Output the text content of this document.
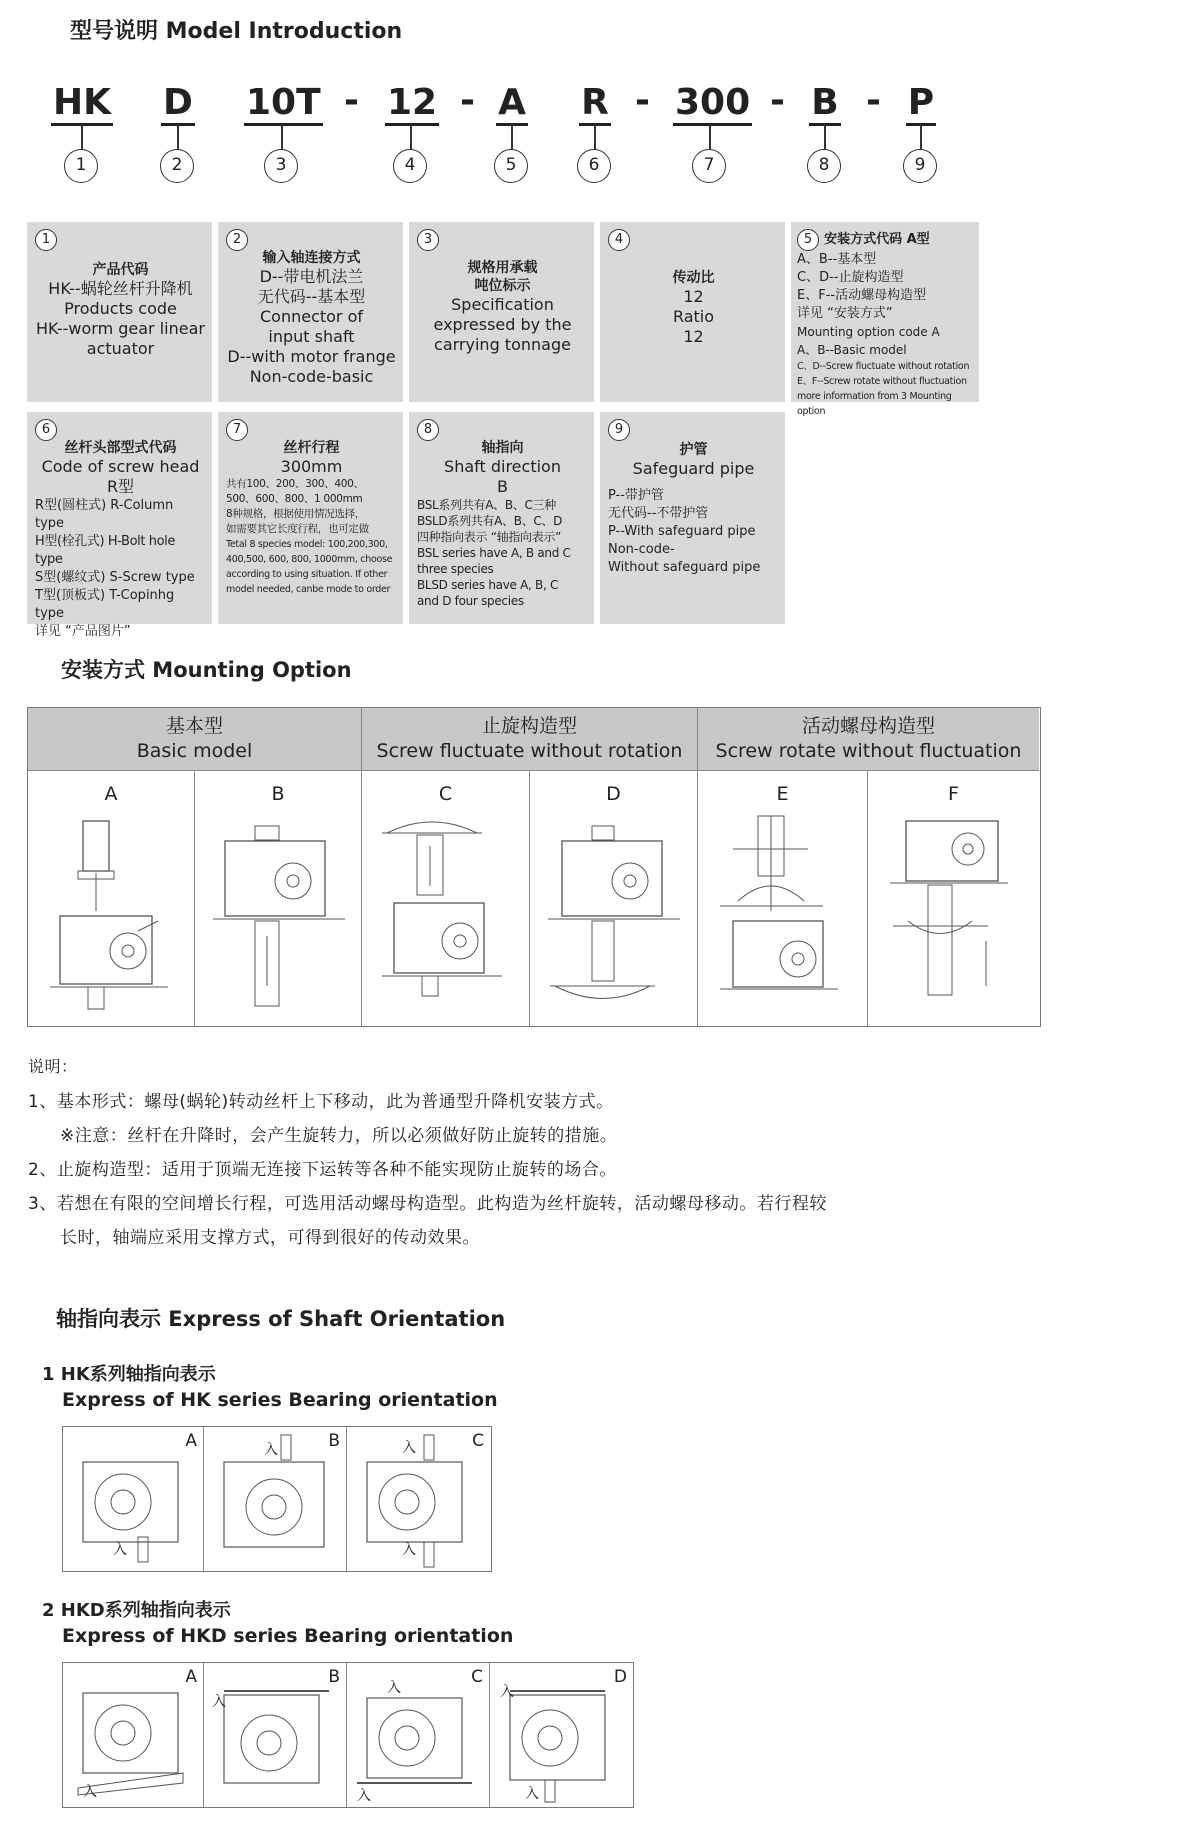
型号说明 Model Introduction
HK D 10T - 12 - A R - 300 - B - P
1	2	3	4	5	6	7	8	9
1
产品代码
HK--蜗轮丝杆升降机
Products code
HK--worm gear linear
actuator
2
输入轴连接方式
D--带电机法兰
无代码--基本型
Connector of
input shaft
D--with motor frange
Non-code-basic
3
规格用承载
吨位标示
Specification
expressed by the
carrying tonnage
4
传动比
12
Ratio
12
5 安装方式代码 A型
A、B--基本型
C、D--止旋构造型
E、F--活动螺母构造型
详见 “安装方式”
Mounting option code A
A、B--Basic model
C、D--Screw fluctuate without rotation
E、F--Screw rotate without fluctuation
more information from 3 Mounting option
6
丝杆头部型式代码
Code of screw head
R型
R型(圆柱式) R-Column type
H型(栓孔式) H-Bolt hole type
S型(螺纹式) S-Screw type
T型(顶板式) T-Copinhg type
详见 “产品图片”
7
丝杆行程
300mm
共有100、200、300、400、
500、600、800、1 000mm
8种规格，根据使用情况选择，
如需要其它长度行程，也可定做
Tetal 8 species model: 100,200,300,
400,500, 600, 800, 1000mm, choose
according to using situation. If other
model needed, canbe mode to order
8
轴指向
Shaft direction
B
BSL系列共有A、B、C三种
BSLD系列共有A、B、C、D
四种指向表示 “轴指向表示”
BSL series have A, B and C
three species
BLSD series have A, B, C
and D four species
9
护管
Safeguard pipe
P--带护管
无代码--不带护管
P--With safeguard pipe
Non-code-
Without safeguard pipe
安装方式 Mounting Option
基本型
Basic model
止旋构造型
Screw fluctuate without rotation
活动螺母构造型
Screw rotate without fluctuation
A	B	C	D	E	F
说明：
1、基本形式：螺母(蜗轮)转动丝杆上下移动，此为普通型升降机安装方式。
※注意：丝杆在升降时，会产生旋转力，所以必须做好防止旋转的措施。
2、止旋构造型：适用于顶端无连接下运转等各种不能实现防止旋转的场合。
3、若想在有限的空间增长行程，可选用活动螺母构造型。此构造为丝杆旋转，活动螺母移动。若行程较
长时，轴端应采用支撑方式，可得到很好的传动效果。
轴指向表示 Express of Shaft Orientation
1 HK系列轴指向表示
Express of HK series Bearing orientation
A
入
B
入	C
入
入
2 HKD系列轴指向表示
Express of HKD series Bearing orientation
A
入
B
入
C
入
入
D
入
入
